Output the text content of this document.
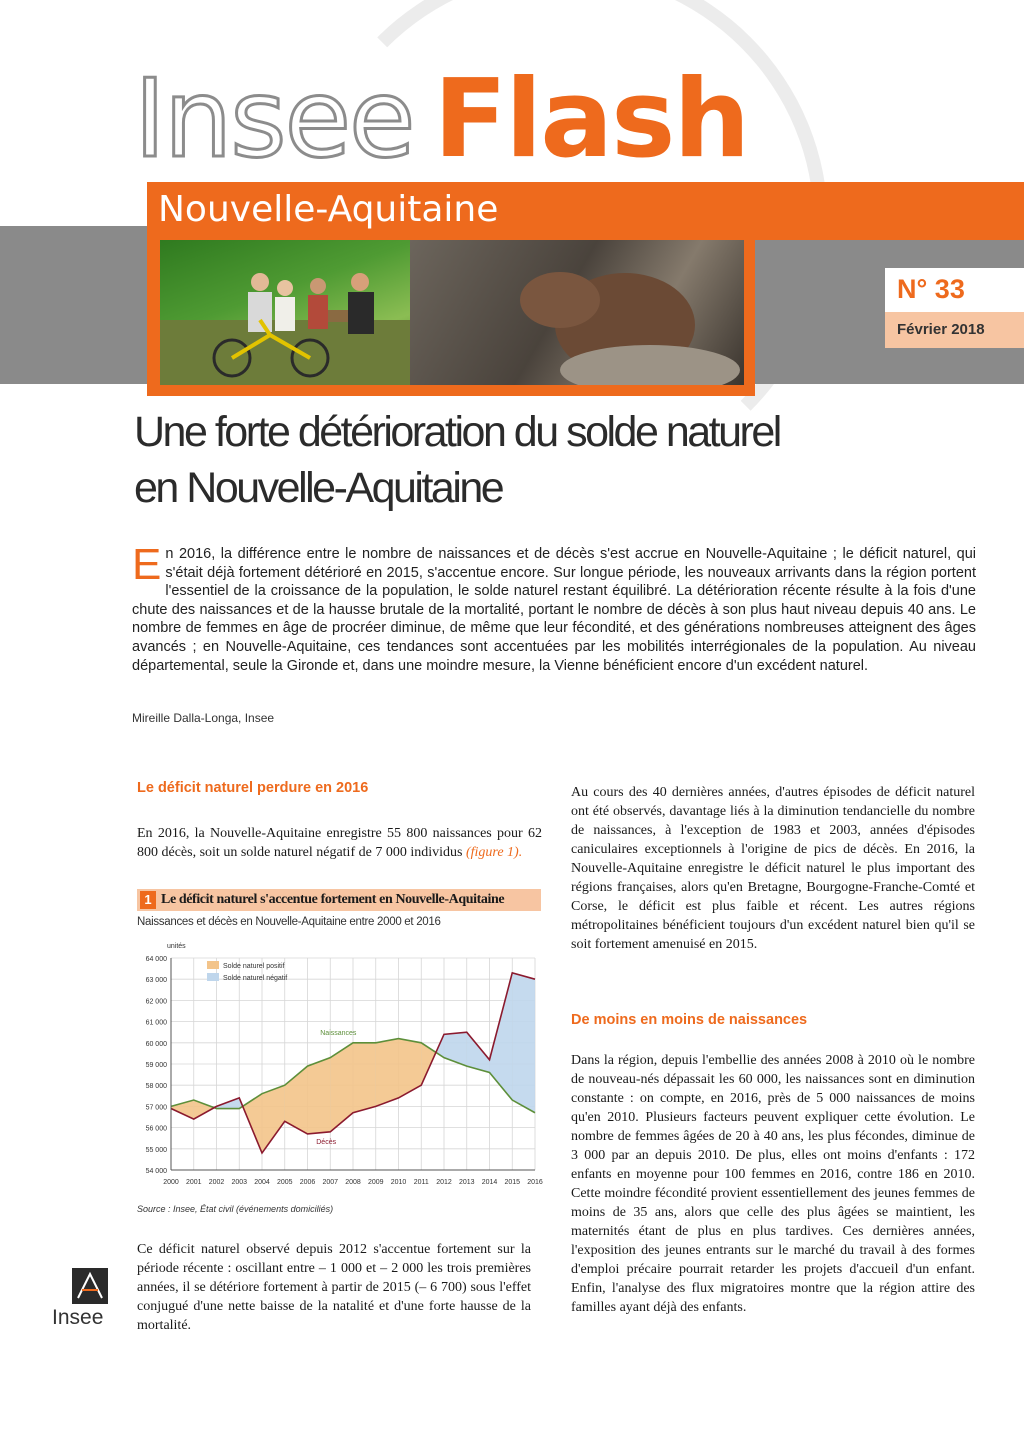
Insee Flash
Nouvelle-Aquitaine
N° 33
Février 2018
Une forte détérioration du solde naturel
en Nouvelle-Aquitaine

En 2016, la différence entre le nombre de naissances et de décès s'est accrue en Nouvelle-Aquitaine ; le déficit naturel, qui s'était déjà fortement détérioré en 2015, s'accentue encore. Sur longue période, les nouveaux arrivants dans la région portent l'essentiel de la croissance de la population, le solde naturel restant équilibré. La détérioration récente résulte à la fois d'une chute des naissances et de la hausse brutale de la mortalité, portant le nombre de décès à son plus haut niveau depuis 40 ans. Le nombre de femmes en âge de procréer diminue, de même que leur fécondité, et des générations nombreuses atteignent des âges avancés ; en Nouvelle-Aquitaine, ces tendances sont accentuées par les mobilités interrégionales de la population. Au niveau départemental, seule la Gironde et, dans une moindre mesure, la Vienne bénéficient encore d'un excédent naturel.

Mireille Dalla-Longa, Insee
Le déficit naturel perdure en 2016

En 2016, la Nouvelle-Aquitaine enregistre 55 800 naissances pour 62 800 décès, soit un solde naturel négatif de 7 000 individus (figure 1).

1 Le déficit naturel s'accentue fortement en Nouvelle-Aquitaine
Naissances et décès en Nouvelle-Aquitaine entre 2000 et 2016
64 000
63 000
62 000
61 000
60 000
59 000
58 000
57 000
56 000
55 000
54 000
2000 2001 2002 2003 2004 2005 2006 2007 2008 2009 2010 2011 2012 2013 2014 2015 2016
unités
Solde naturel positif
Solde naturel négatif
Naissances
Décès
Source : Insee, État civil (événements domiciliés)

Ce déficit naturel observé depuis 2012 s'accentue fortement sur la période récente : oscillant entre – 1 000 et – 2 000 les trois premières années, il se détériore fortement à partir de 2015 (– 6 700) sous l'effet conjugué d'une nette baisse de la natalité et d'une forte hausse de la mortalité.

Insee

Au cours des 40 dernières années, d'autres épisodes de déficit naturel ont été observés, davantage liés à la diminution tendancielle du nombre de naissances, à l'exception de 1983 et 2003, années d'épisodes caniculaires exceptionnels à l'origine de pics de décès. En 2016, la Nouvelle-Aquitaine enregistre le déficit naturel le plus important des régions françaises, alors qu'en Bretagne, Bourgogne-Franche-Comté et Corse, le déficit est plus faible et récent. Les autres régions métropolitaines bénéficient toujours d'un excédent naturel bien qu'il se soit fortement amenuisé en 2015.

De moins en moins de naissances

Dans la région, depuis l'embellie des années 2008 à 2010 où le nombre de nouveau-nés dépassait les 60 000, les naissances sont en diminution constante : on compte, en 2016, près de 5 000 naissances de moins qu'en 2010. Plusieurs facteurs peuvent expliquer cette évolution. Le nombre de femmes âgées de 20 à 40 ans, les plus fécondes, diminue de 3 000 par an depuis 2010. De plus, elles ont moins d'enfants : 172 enfants en moyenne pour 100 femmes en 2016, contre 186 en 2010. Cette moindre fécondité provient essentiellement des jeunes femmes de moins de 35 ans, alors que celle des plus âgées se maintient, les maternités étant de plus en plus tardives. Ces dernières années, l'exposition des jeunes entrants sur le marché du travail à des formes d'emploi précaire pourrait retarder les projets d'accueil d'un enfant. Enfin, l'analyse des flux migratoires montre que la région attire des familles ayant déjà des enfants.
